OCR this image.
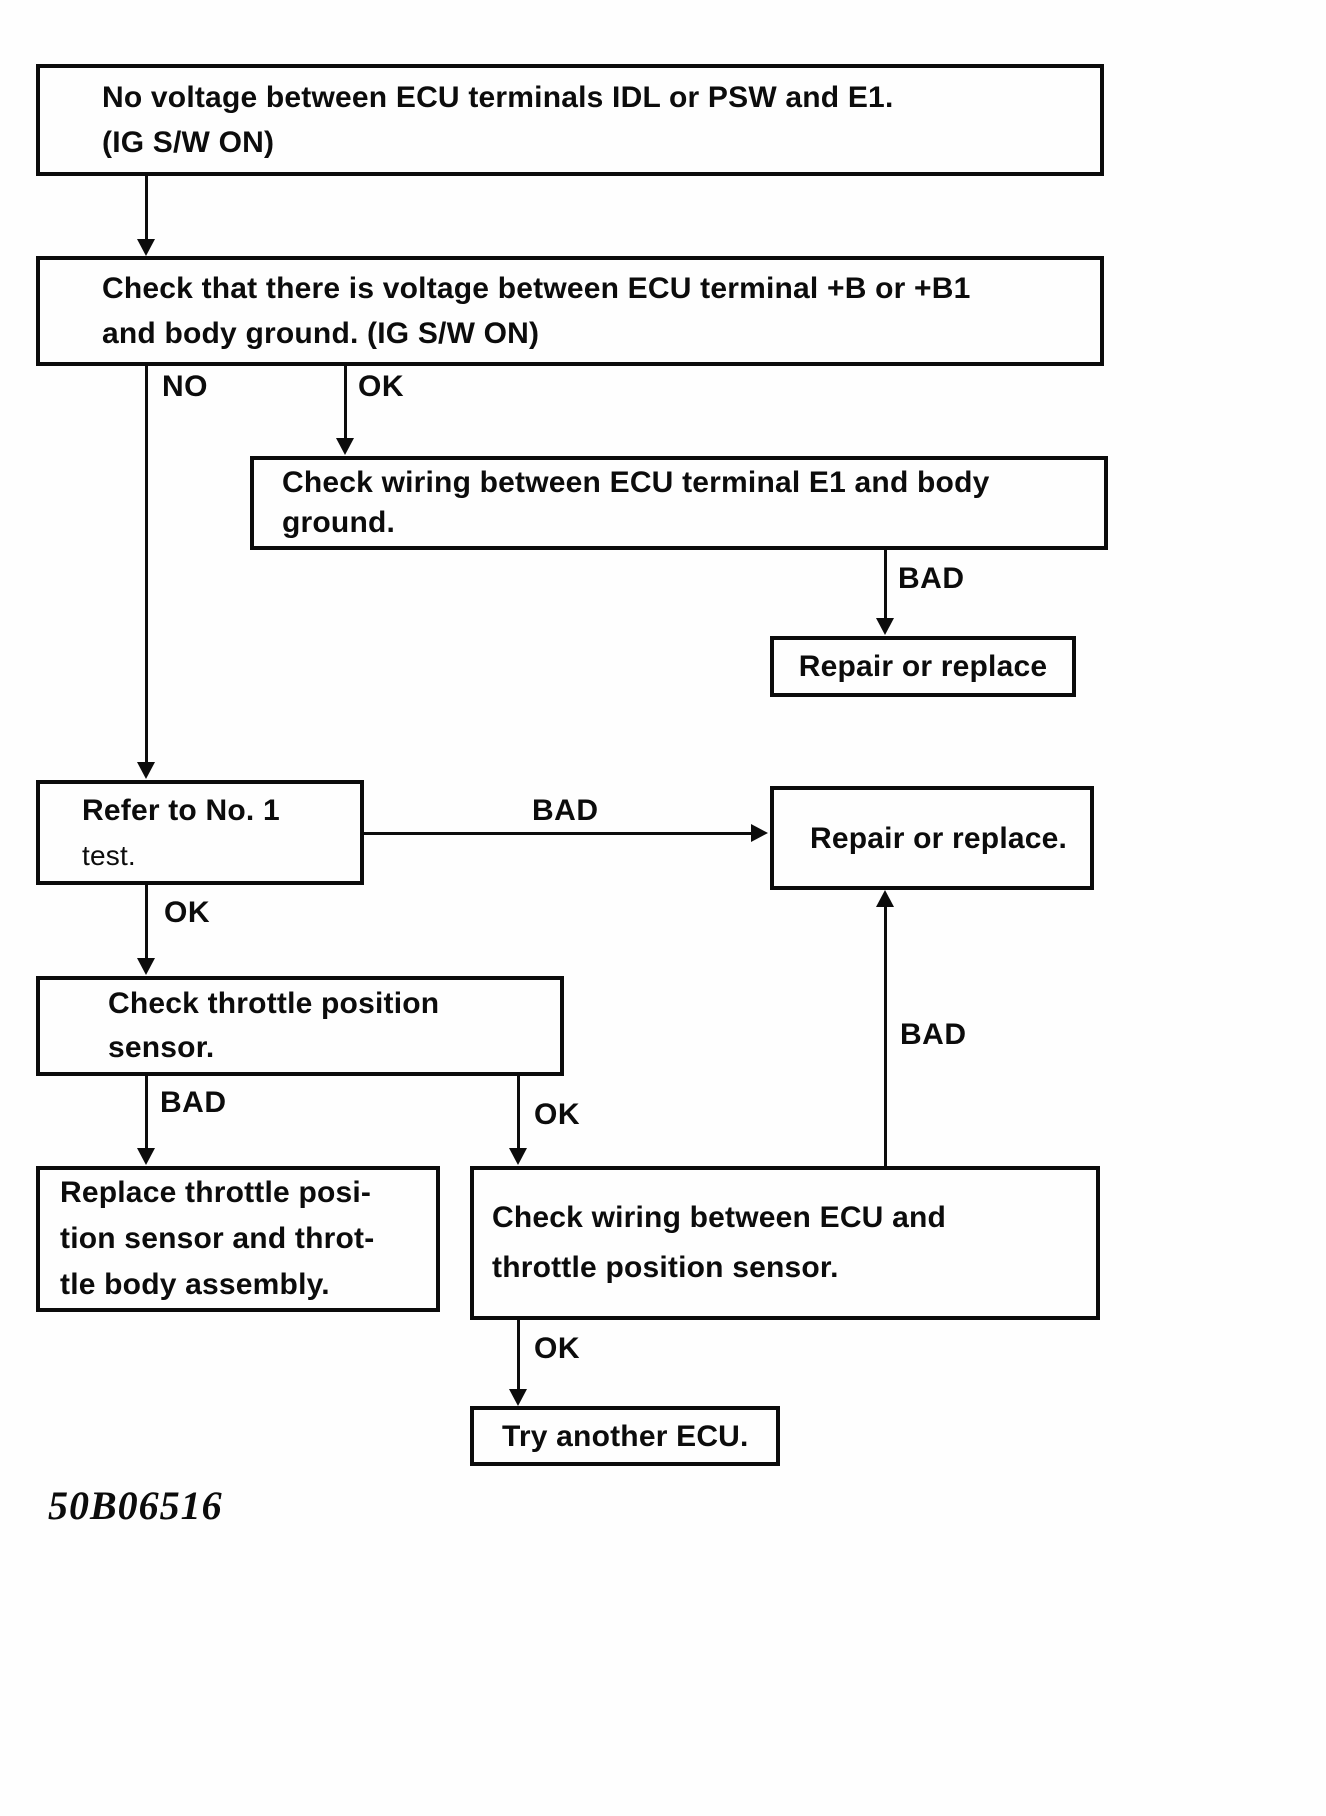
No voltage between ECU terminals IDL or PSW and E1.
(IG S/W ON)
Check that there is voltage between ECU terminal +B or +B1
and body ground. (IG S/W ON)
NO	OK
Check wiring between ECU terminal E1 and body
ground.
BAD
Repair or replace
Refer to No. 1
test.
BAD
Repair or replace.
OK
Check throttle position
sensor.
BAD	OK
Replace throttle posi-
tion sensor and throt-
tle body assembly.
Check wiring between ECU and
throttle position sensor.
BAD
OK
Try another ECU.
50B06516
